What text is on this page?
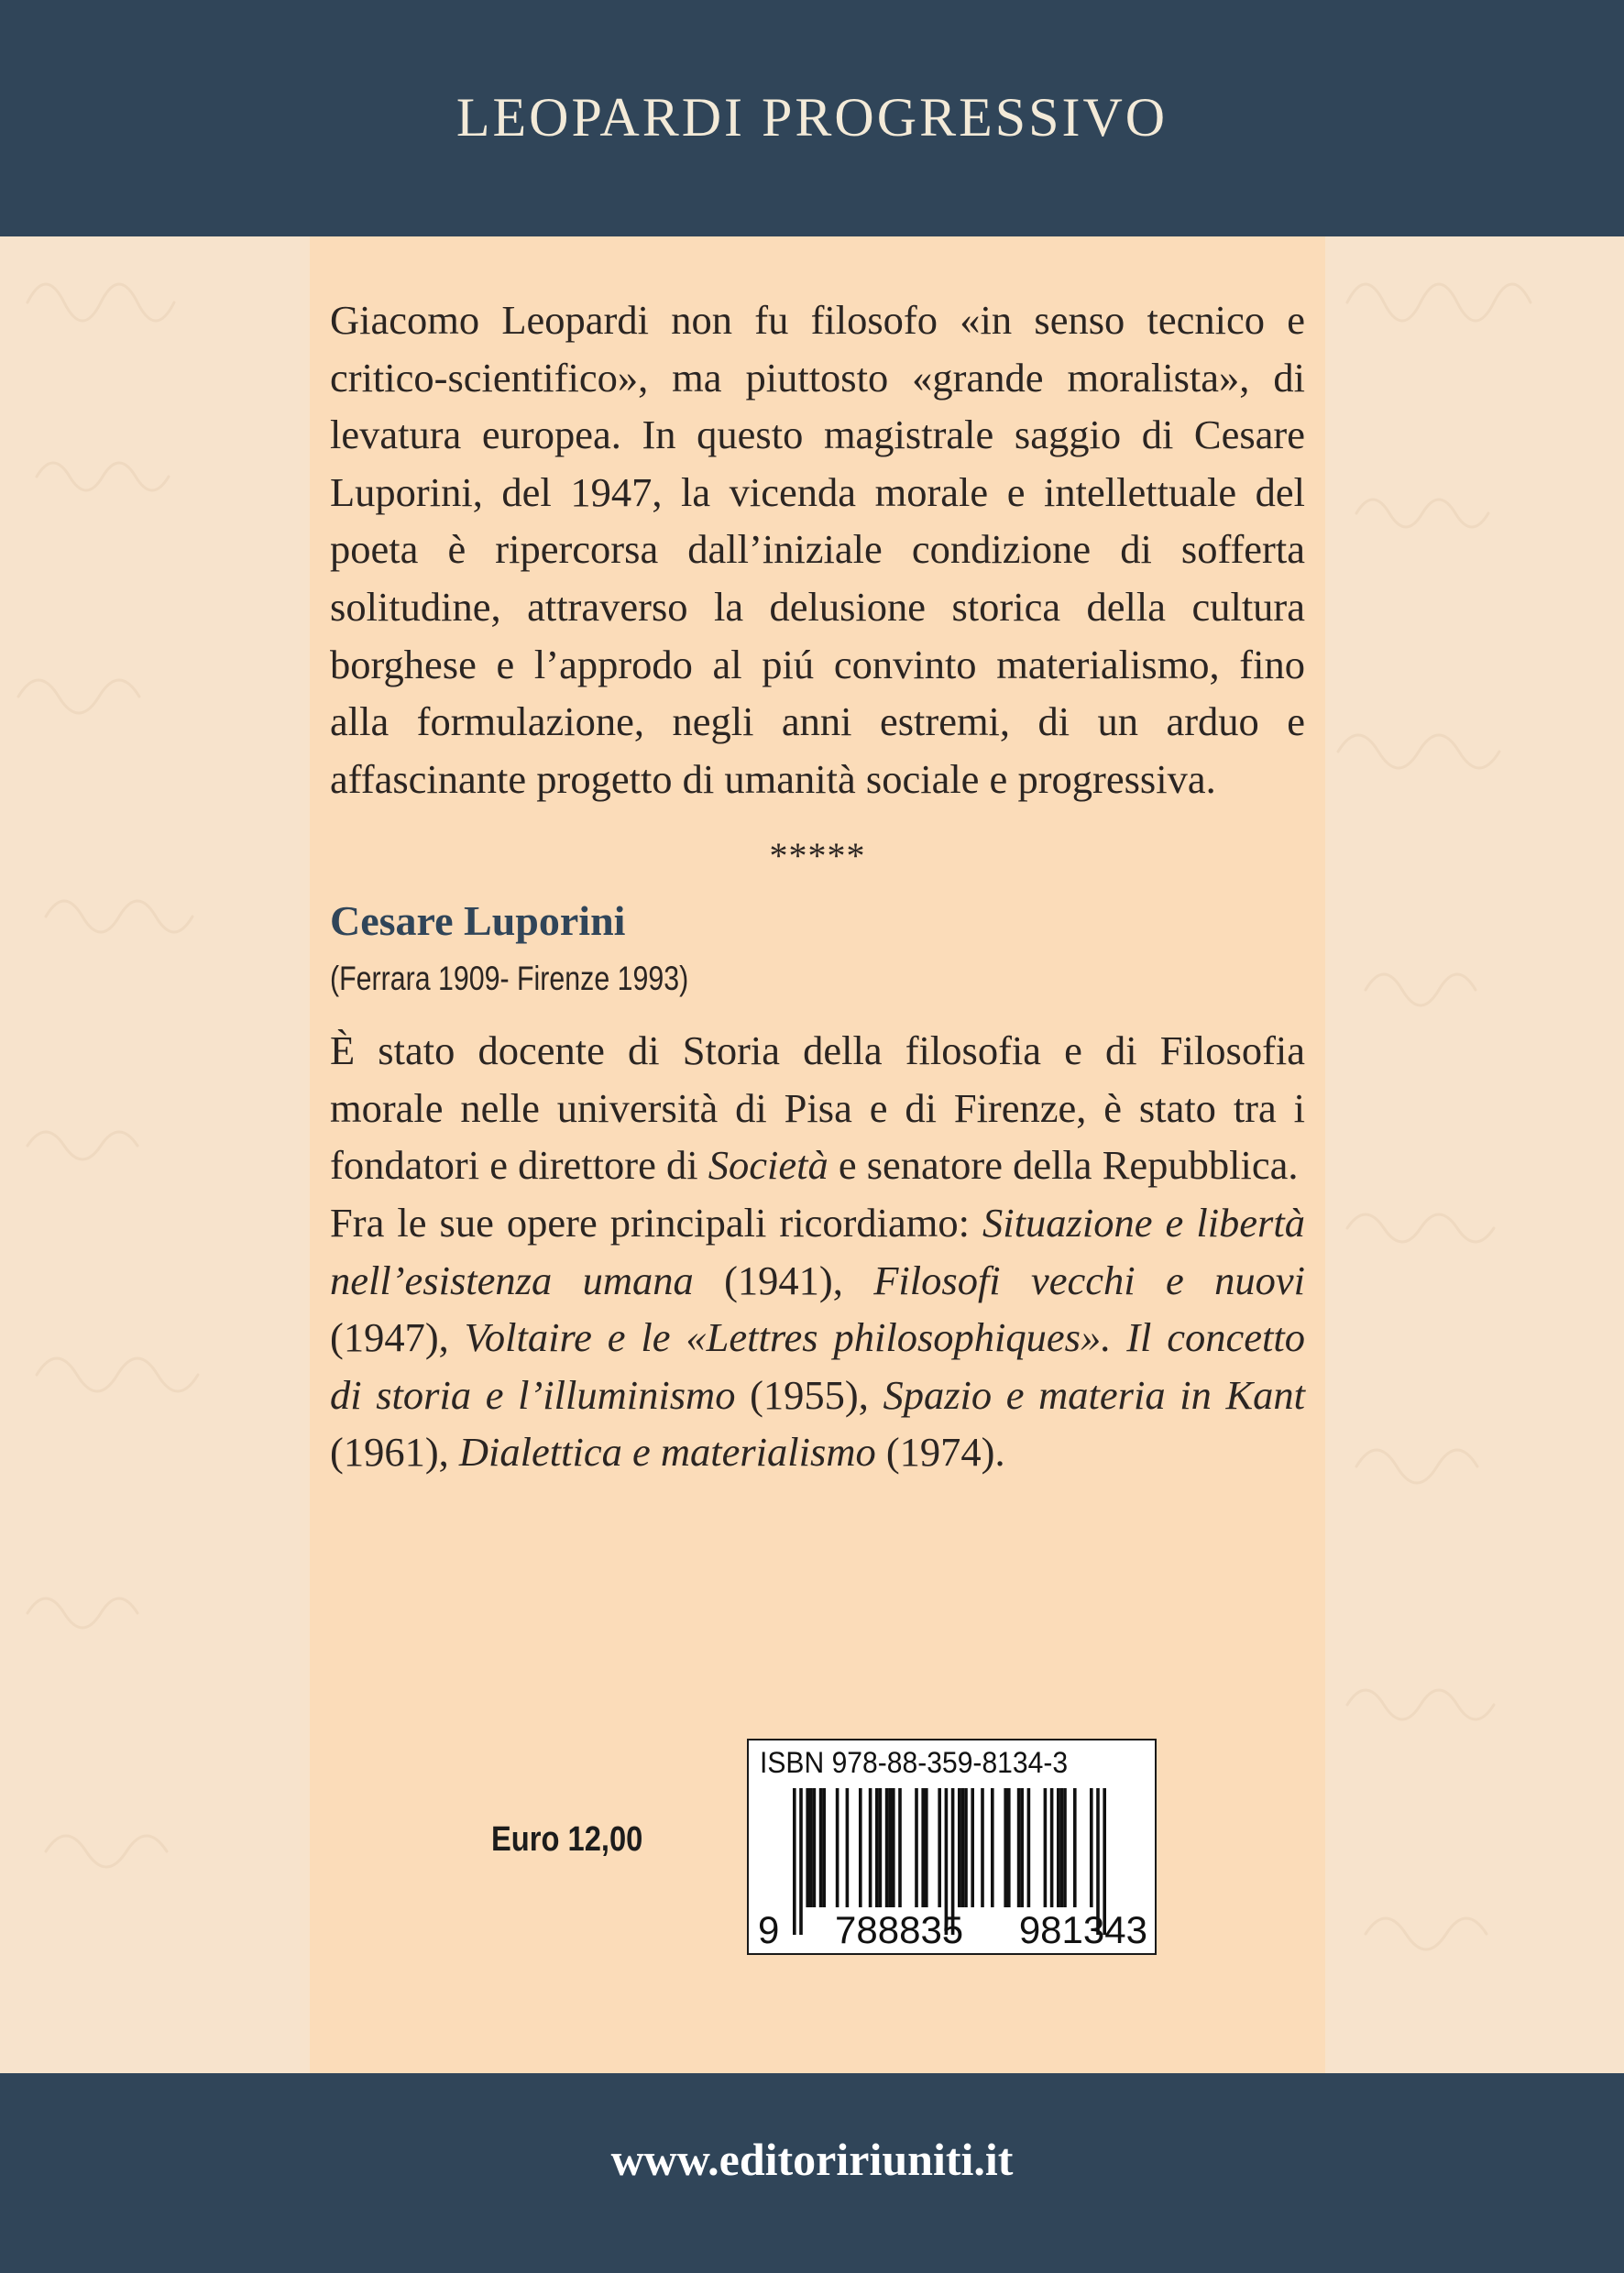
LEOPARDI PROGRESSIVO

Giacomo Leopardi non fu filosofo «in senso tecnico e critico-scientifico», ma piuttosto «grande moralista», di levatura europea. In questo magistrale saggio di Cesare Luporini, del 1947, la vicenda morale e intellettuale del poeta è ripercorsa dall’iniziale condizione di sofferta solitudine, attraverso la delusione storica della cultura borghese e l’approdo al piú convinto materialismo, fino alla formulazione, negli anni estremi, di un arduo e affascinante progetto di umanità sociale e progressiva.

*****
Cesare Luporini
(Ferrara 1909- Firenze 1993)

È stato docente di Storia della filosofia e di Filosofia morale nelle università di Pisa e di Firenze, è stato tra i fondatori e direttore di Società e senatore della Repubblica.

Fra le sue opere principali ricordiamo: Situazione e libertà nell’esistenza umana (1941), Filosofi vecchi e nuovi (1947), Voltaire e le «Lettres philosophiques». Il concetto di storia e l’illuminismo (1955), Spazio e materia in Kant (1961), Dialettica e materialismo (1974).

Euro 12,00
ISBN 978-88-359-8134-3
9 788835 981343
www.editoririuniti.it
